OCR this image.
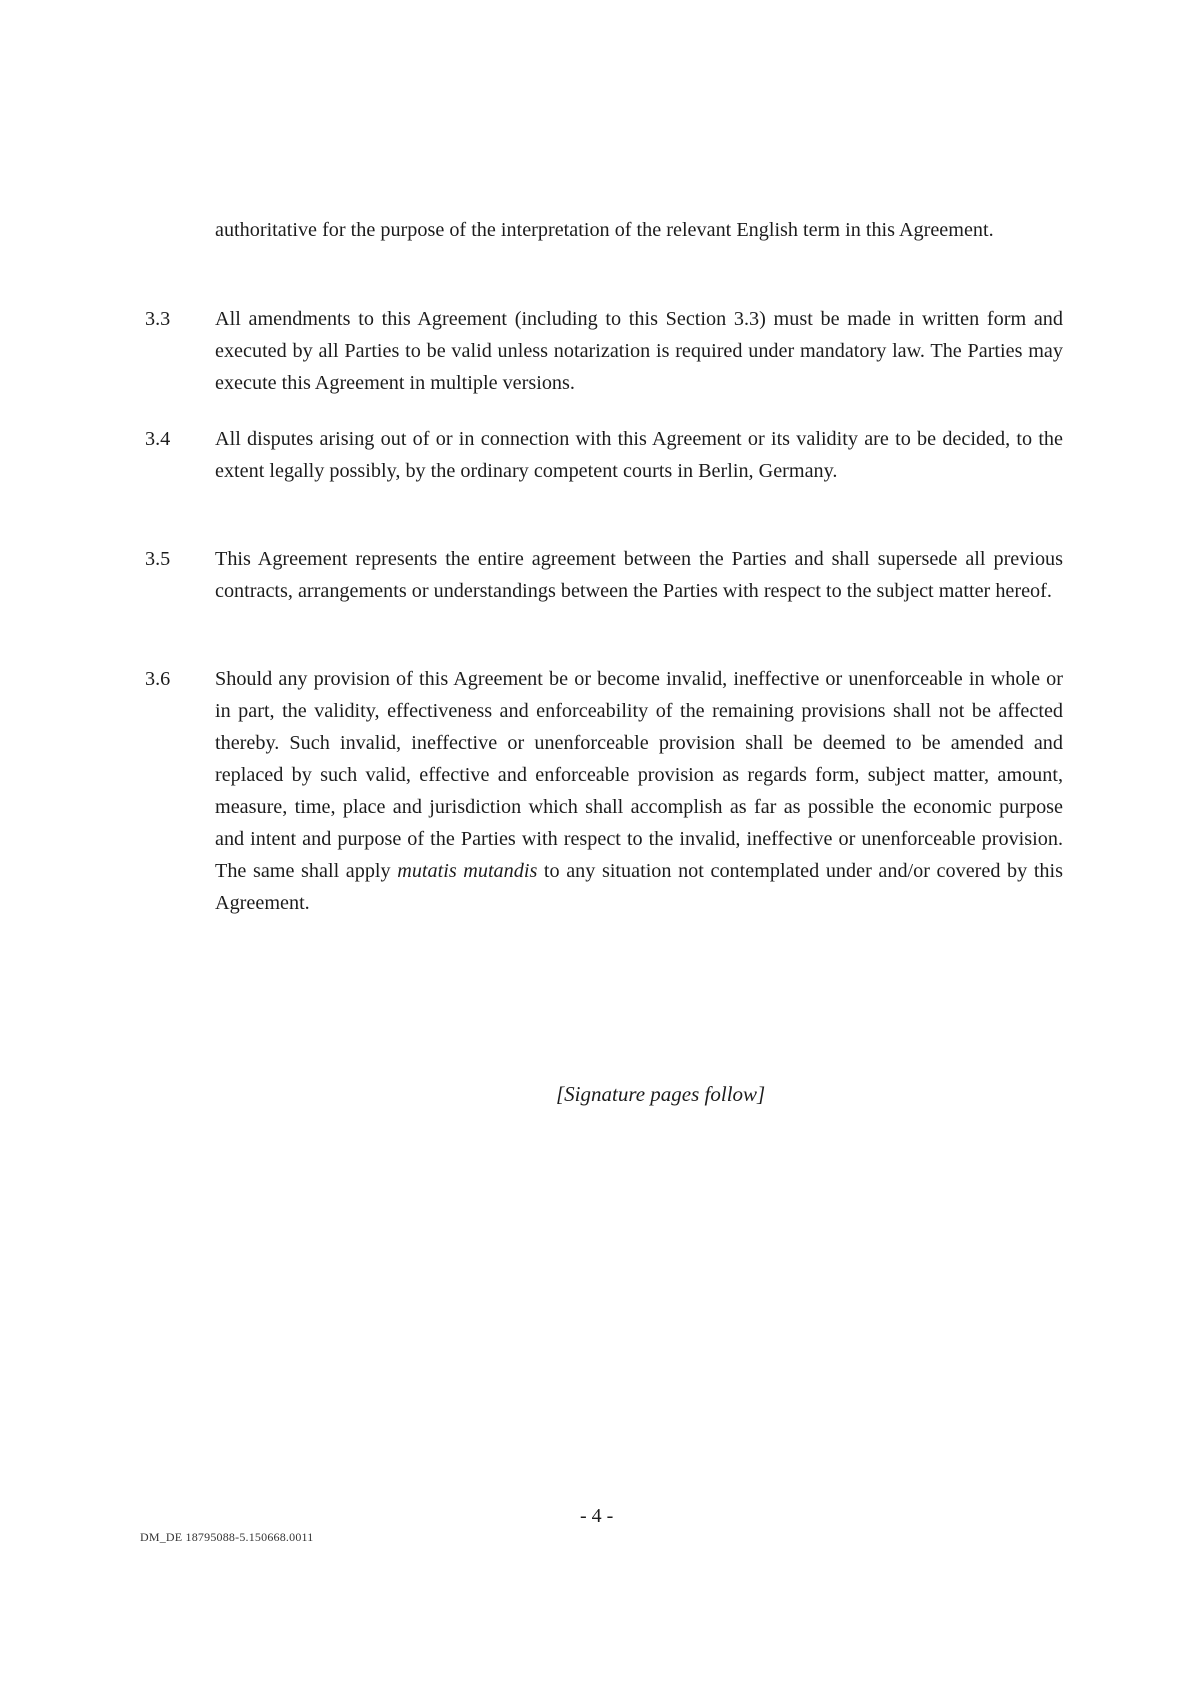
authoritative for the purpose of the interpretation of the relevant English term in this Agreement.

3.3 All amendments to this Agreement (including to this Section 3.3) must be made in written form and executed by all Parties to be valid unless notarization is required under mandatory law. The Parties may execute this Agreement in multiple versions.

3.4 All disputes arising out of or in connection with this Agreement or its validity are to be decided, to the extent legally possibly, by the ordinary competent courts in Berlin, Germany.

3.5 This Agreement represents the entire agreement between the Parties and shall supersede all previous contracts, arrangements or understandings between the Parties with respect to the subject matter hereof.

3.6 Should any provision of this Agreement be or become invalid, ineffective or unenforceable in whole or in part, the validity, effectiveness and enforceability of the remaining provisions shall not be affected thereby. Such invalid, ineffective or unenforceable provision shall be deemed to be amended and replaced by such valid, effective and enforceable provision as regards form, subject matter, amount, measure, time, place and jurisdiction which shall accomplish as far as possible the economic purpose and intent and purpose of the Parties with respect to the invalid, ineffective or unenforceable provision. The same shall apply mutatis mutandis to any situation not contemplated under and/or covered by this Agreement.

[Signature pages follow]
- 4 -
DM_DE 18795088-5.150668.0011
